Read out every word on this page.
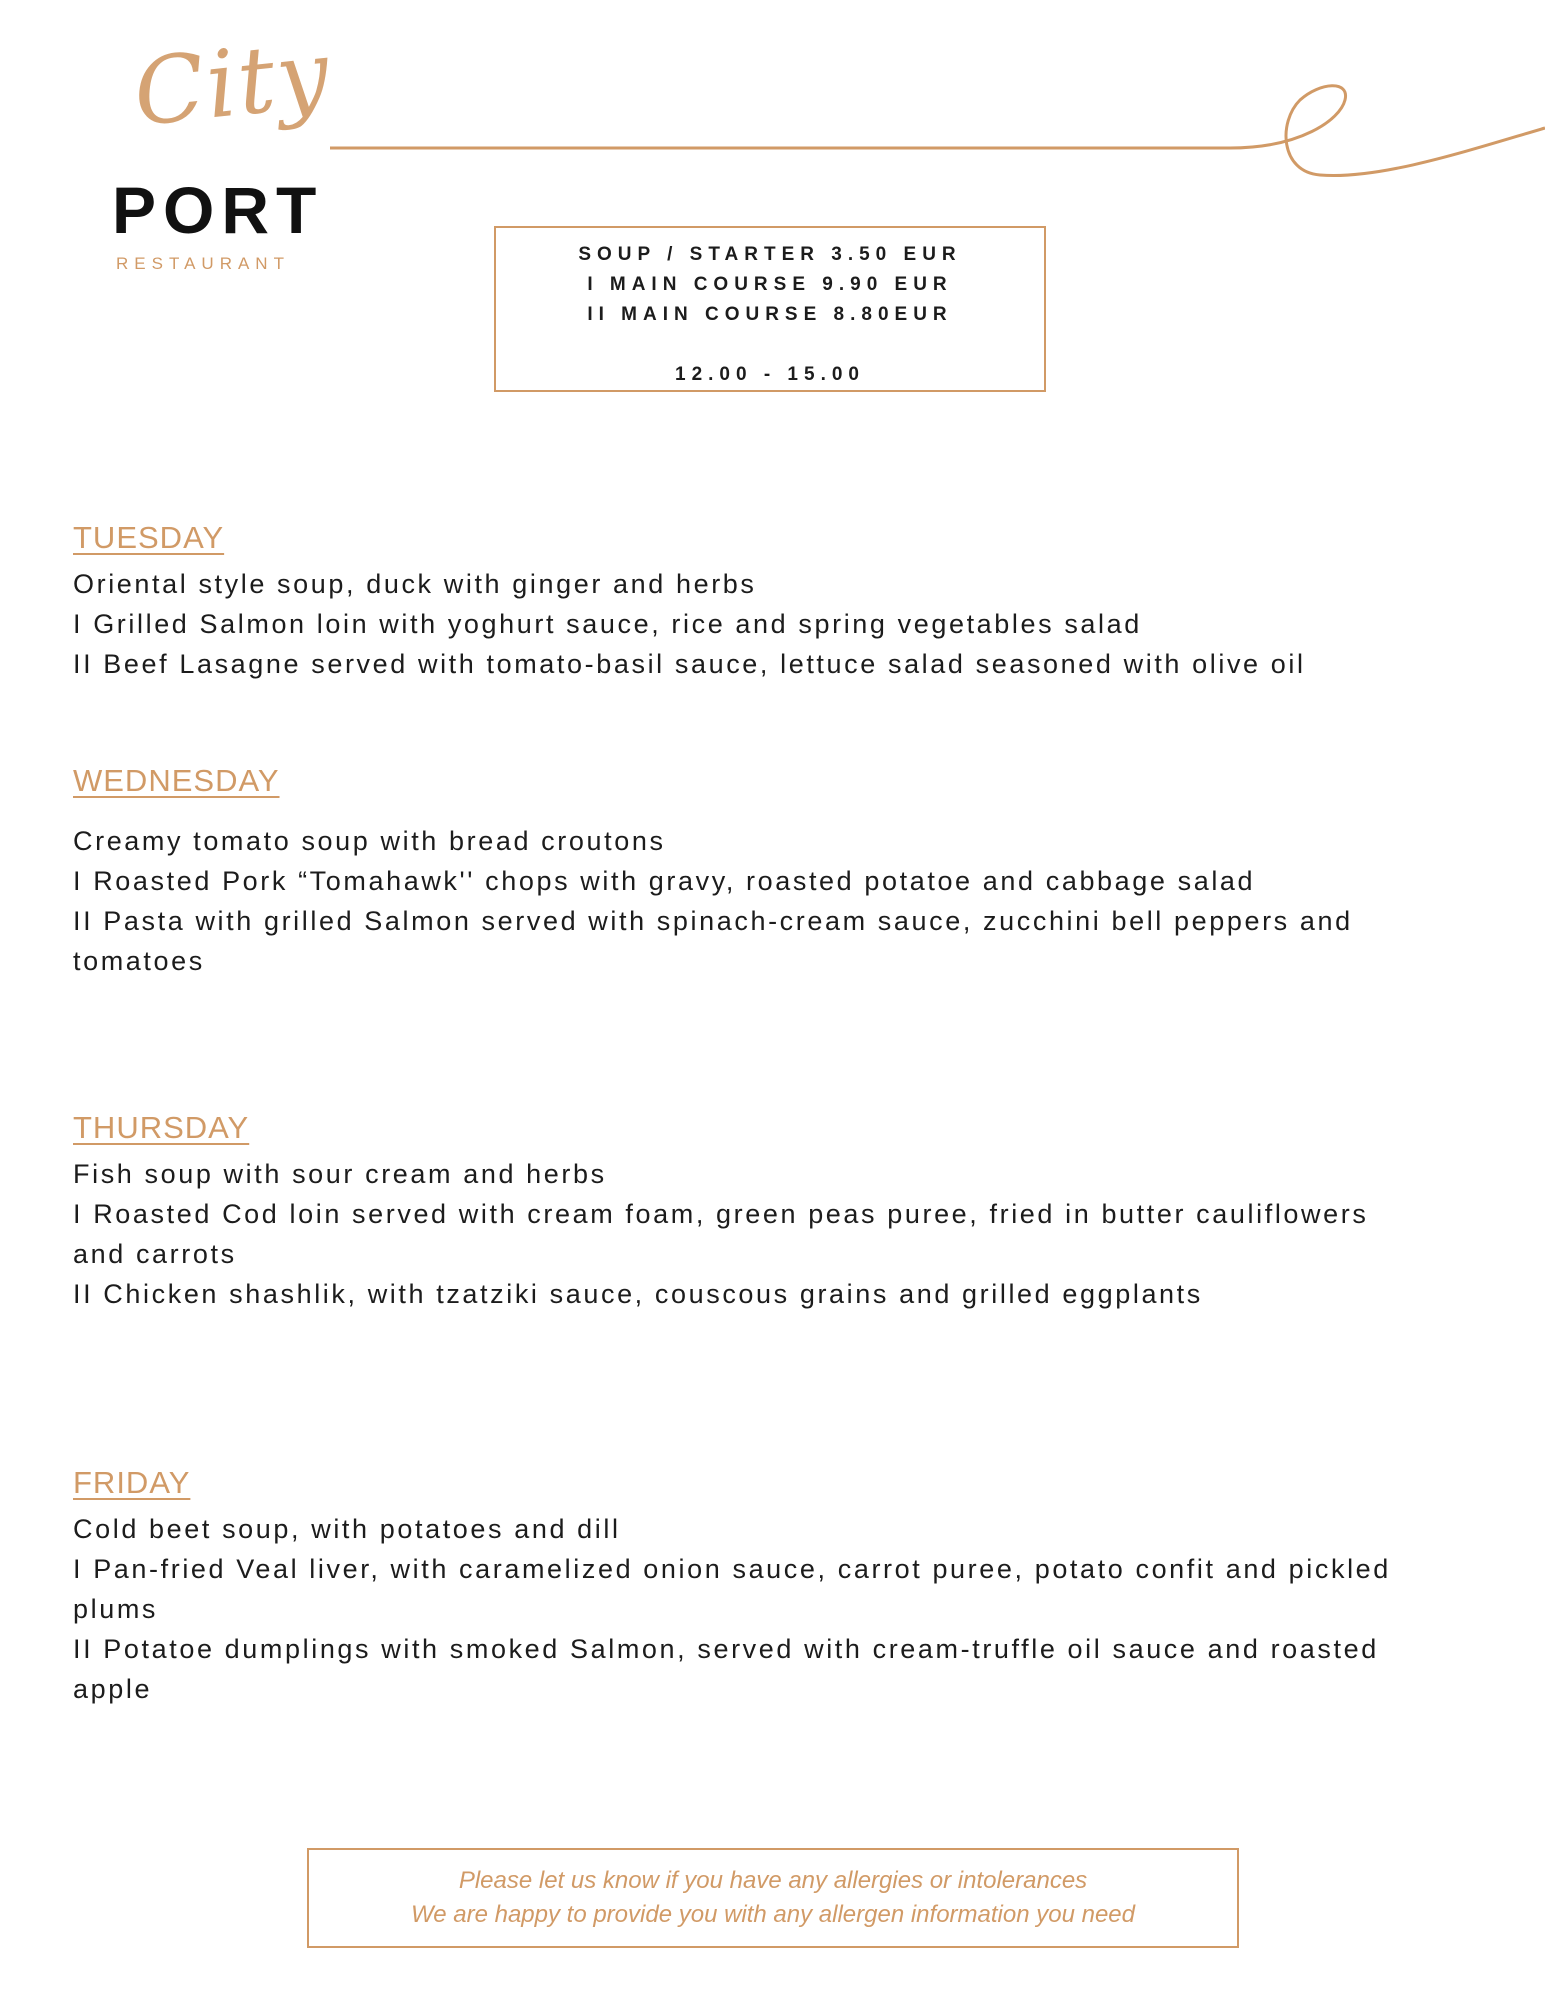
City
PORT
RESTAURANT	SOUP / STARTER 3.50 EUR
I MAIN COURSE 9.90 EUR
II MAIN COURSE 8.80EUR
12.00 - 15.00
TUESDAY

Oriental style soup, duck with ginger and herbs

I Grilled Salmon loin with yoghurt sauce, rice and spring vegetables salad

II Beef Lasagne served with tomato-basil sauce, lettuce salad seasoned with olive oil

WEDNESDAY

Creamy tomato soup with bread croutons

I Roasted Pork “Tomahawk'' chops with gravy, roasted potatoe and cabbage salad

II Pasta with grilled Salmon served with spinach-cream sauce, zucchini bell peppers and tomatoes

THURSDAY

Fish soup with sour cream and herbs

I Roasted Cod loin served with cream foam, green peas puree, fried in butter cauliflowers and carrots

II Chicken shashlik, with tzatziki sauce, couscous grains and grilled eggplants

FRIDAY

Cold beet soup, with potatoes and dill

I Pan-fried Veal liver, with caramelized onion sauce, carrot puree, potato confit and pickled plums

II Potatoe dumplings with smoked Salmon, served with cream-truffle oil sauce and roasted apple

Please let us know if you have any allergies or intolerances

We are happy to provide you with any allergen information you need
